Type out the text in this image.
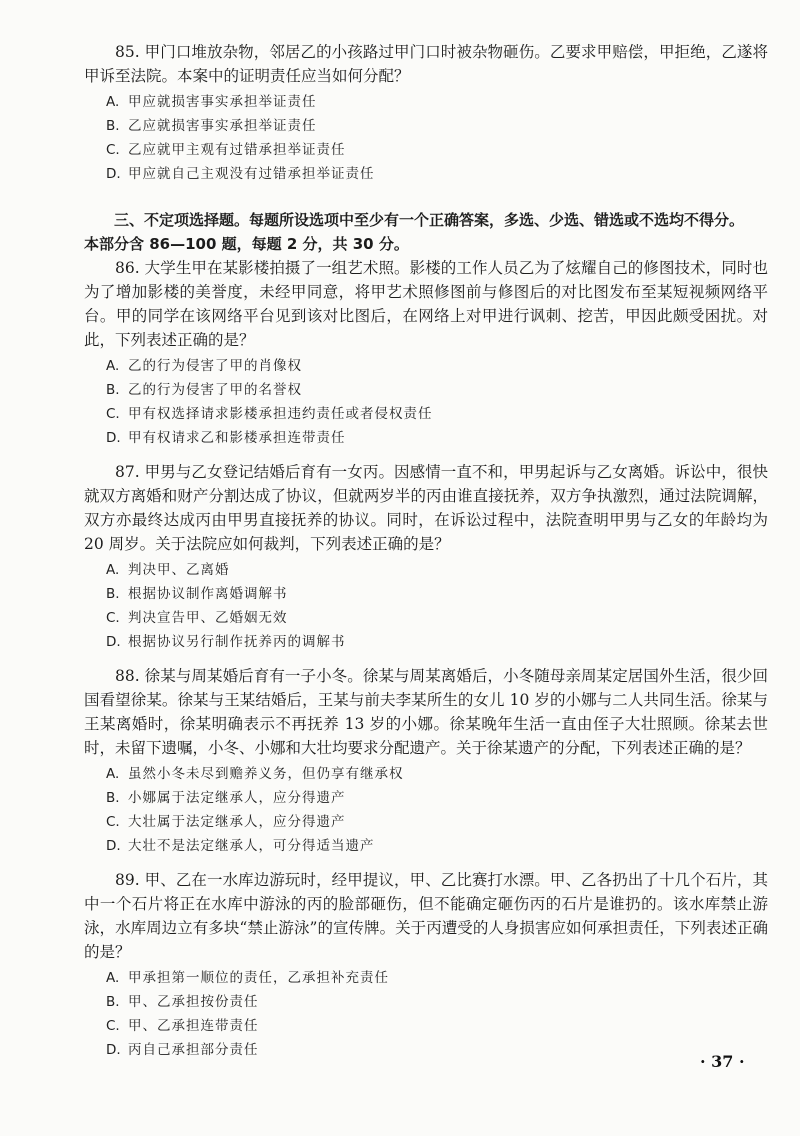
85. 甲门口堆放杂物，邻居乙的小孩路过甲门口时被杂物砸伤。乙要求甲赔偿，甲拒绝，乙遂将甲诉至法院。本案中的证明责任应当如何分配？

A. 甲应就损害事实承担举证责任
B. 乙应就损害事实承担举证责任
C. 乙应就甲主观有过错承担举证责任
D. 甲应就自己主观没有过错承担举证责任

三、不定项选择题。每题所设选项中至少有一个正确答案，多选、少选、错选或不选均不得分。

本部分含 86—100 题，每题 2 分，共 30 分。

86. 大学生甲在某影楼拍摄了一组艺术照。影楼的工作人员乙为了炫耀自己的修图技术，同时也为了增加影楼的美誉度，未经甲同意，将甲艺术照修图前与修图后的对比图发布至某短视频网络平台。甲的同学在该网络平台见到该对比图后，在网络上对甲进行讽刺、挖苦，甲因此颇受困扰。对此，下列表述正确的是？

A. 乙的行为侵害了甲的肖像权
B. 乙的行为侵害了甲的名誉权
C. 甲有权选择请求影楼承担违约责任或者侵权责任
D. 甲有权请求乙和影楼承担连带责任

87. 甲男与乙女登记结婚后育有一女丙。因感情一直不和，甲男起诉与乙女离婚。诉讼中，很快就双方离婚和财产分割达成了协议，但就两岁半的丙由谁直接抚养，双方争执激烈，通过法院调解，双方亦最终达成丙由甲男直接抚养的协议。同时，在诉讼过程中，法院查明甲男与乙女的年龄均为 20 周岁。关于法院应如何裁判，下列表述正确的是？

A. 判决甲、乙离婚
B. 根据协议制作离婚调解书
C. 判决宣告甲、乙婚姻无效
D. 根据协议另行制作抚养丙的调解书

88. 徐某与周某婚后育有一子小冬。徐某与周某离婚后，小冬随母亲周某定居国外生活，很少回国看望徐某。徐某与王某结婚后，王某与前夫李某所生的女儿 10 岁的小娜与二人共同生活。徐某与王某离婚时，徐某明确表示不再抚养 13 岁的小娜。徐某晚年生活一直由侄子大壮照顾。徐某去世时，未留下遗嘱，小冬、小娜和大壮均要求分配遗产。关于徐某遗产的分配，下列表述正确的是？

A. 虽然小冬未尽到赡养义务，但仍享有继承权
B. 小娜属于法定继承人，应分得遗产
C. 大壮属于法定继承人，应分得遗产
D. 大壮不是法定继承人，可分得适当遗产

89. 甲、乙在一水库边游玩时，经甲提议，甲、乙比赛打水漂。甲、乙各扔出了十几个石片，其中一个石片将正在水库中游泳的丙的脸部砸伤，但不能确定砸伤丙的石片是谁扔的。该水库禁止游泳，水库周边立有多块“禁止游泳”的宣传牌。关于丙遭受的人身损害应如何承担责任，下列表述正确的是？

A. 甲承担第一顺位的责任，乙承担补充责任
B. 甲、乙承担按份责任
C. 甲、乙承担连带责任
D. 丙自己承担部分责任
· 37 ·
